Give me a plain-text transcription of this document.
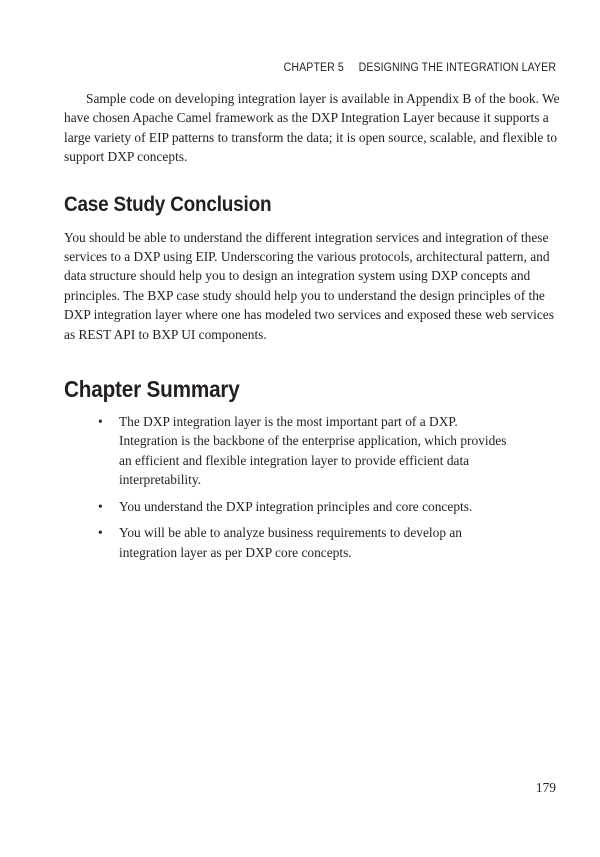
CHAPTER 5 DESIGNING THE INTEGRATION LAYER

Sample code on developing integration layer is available in Appendix B of the book. We have chosen Apache Camel framework as the DXP Integration Layer because it supports a large variety of EIP patterns to transform the data; it is open source, scalable, and flexible to support DXP concepts.

Case Study Conclusion

You should be able to understand the different integration services and integration of these services to a DXP using EIP. Underscoring the various protocols, architectural pattern, and data structure should help you to design an integration system using DXP concepts and principles. The BXP case study should help you to understand the design principles of the DXP integration layer where one has modeled two services and exposed these web services as REST API to BXP UI components.

Chapter Summary
• The DXP integration layer is the most important part of a DXP. Integration is the backbone of the enterprise application, which provides an efficient and flexible integration layer to provide efficient data interpretability.

• You understand the DXP integration principles and core concepts.

• You will be able to analyze business requirements to develop an integration layer as per DXP core concepts.

179
